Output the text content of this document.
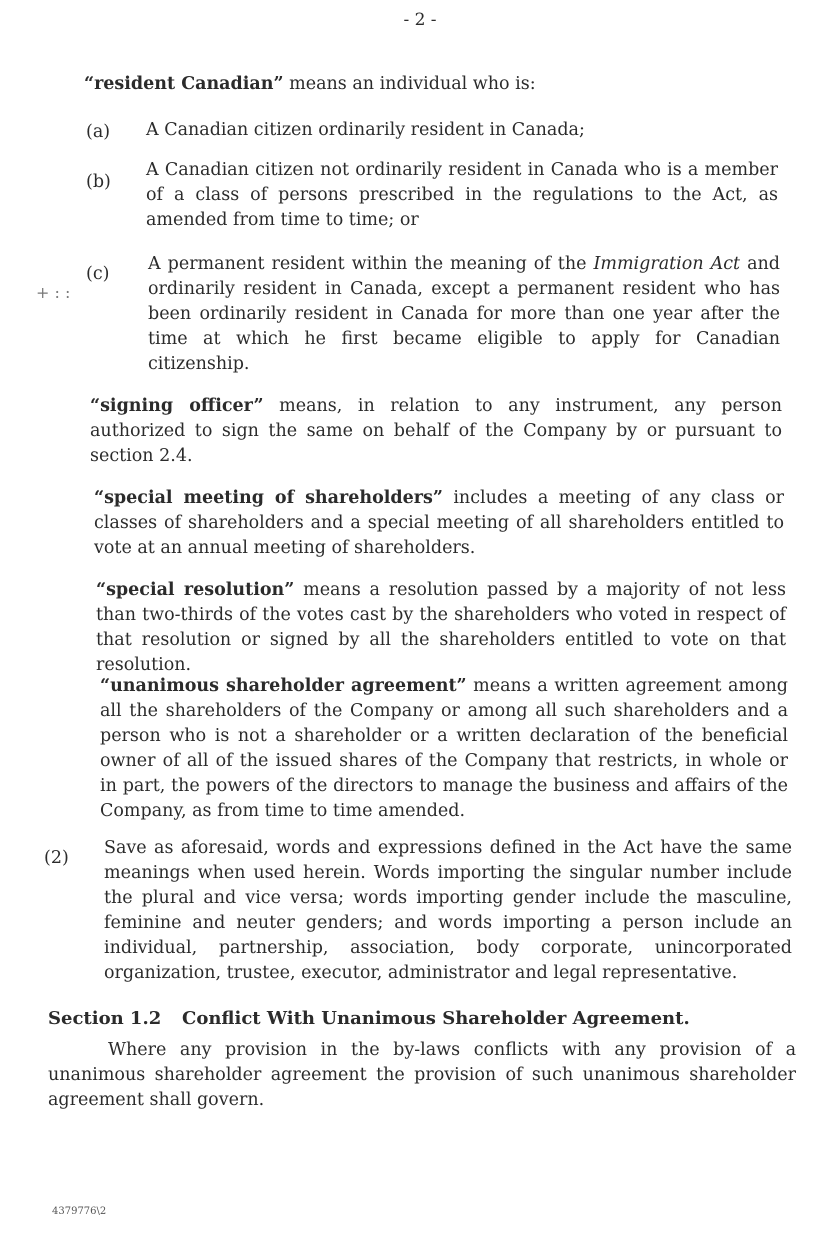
- 2 -
+ : :
“resident Canadian” means an individual who is:
(a) A Canadian citizen ordinarily resident in Canada;
(b)
A Canadian citizen not ordinarily resident in Canada who is a member of a class of persons prescribed in the regulations to the Act, as amended from time to time; or
(c) A permanent resident within the meaning of the Immigration Act and ordinarily resident in Canada, except a permanent resident who has been ordinarily resident in Canada for more than one year after the time at which he first became eligible to apply for Canadian citizenship.
“signing officer” means, in relation to any instrument, any person authorized to sign the same on behalf of the Company by or pursuant to section 2.4.
“special meeting of shareholders” includes a meeting of any class or classes of shareholders and a special meeting of all shareholders entitled to vote at an annual meeting of shareholders.
“special resolution” means a resolution passed by a majority of not less than two-thirds of the votes cast by the shareholders who voted in respect of that resolution or signed by all the shareholders entitled to vote on that resolution.
“unanimous shareholder agreement” means a written agreement among all the shareholders of the Company or among all such shareholders and a person who is not a shareholder or a written declaration of the beneficial owner of all of the issued shares of the Company that restricts, in whole or in part, the powers of the directors to manage the business and affairs of the Company, as from time to time amended.
(2) Save as aforesaid, words and expressions defined in the Act have the same meanings when used herein. Words importing the singular number include the plural and vice versa; words importing gender include the masculine, feminine and neuter genders; and words importing a person include an individual, partnership, association, body corporate, unincorporated organization, trustee, executor, administrator and legal representative.
Section 1.2 Conflict With Unanimous Shareholder Agreement.
Where any provision in the by-laws conflicts with any provision of a unanimous shareholder agreement the provision of such unanimous shareholder agreement shall govern.
4379776\2
